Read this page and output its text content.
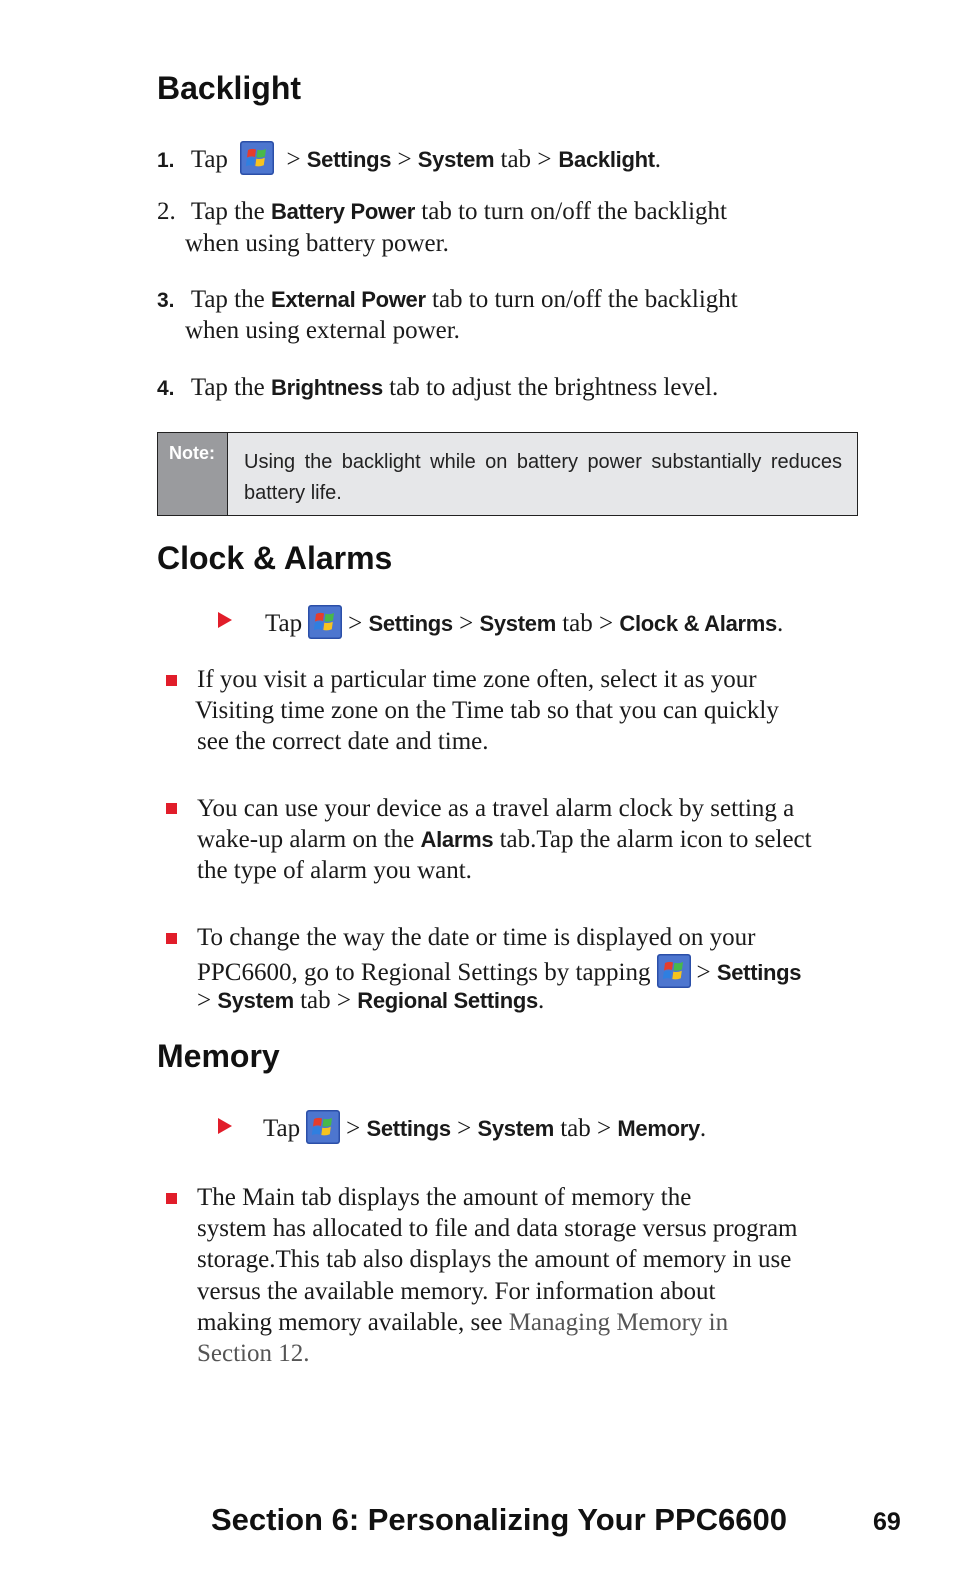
Backlight
1. Tap > Settings > System tab > Backlight.
2. Tap the Battery Power tab to turn on/off the backlight
when using battery power.
3. Tap the External Power tab to turn on/off the backlight
when using external power.
4. Tap the Brightness tab to adjust the brightness level.
Note:	Using the backlight while on battery power substantially reduces battery life.
Clock & Alarms
Tap > Settings > System tab > Clock & Alarms.
If you visit a particular time zone often, select it as your
Visiting time zone on the Time tab so that you can quickly
see the correct date and time.
You can use your device as a travel alarm clock by setting a
wake-up alarm on the Alarms tab.Tap the alarm icon to select
the type of alarm you want.
To change the way the date or time is displayed on your
PPC6600, go to Regional Settings by tapping > Settings
> System tab > Regional Settings.
Memory
Tap > Settings > System tab > Memory.
The Main tab displays the amount of memory the
system has allocated to file and data storage versus program
storage.This tab also displays the amount of memory in use
versus the available memory. For information about
making memory available, see Managing Memory in
Section 12.
Section 6: Personalizing Your PPC6600	69
